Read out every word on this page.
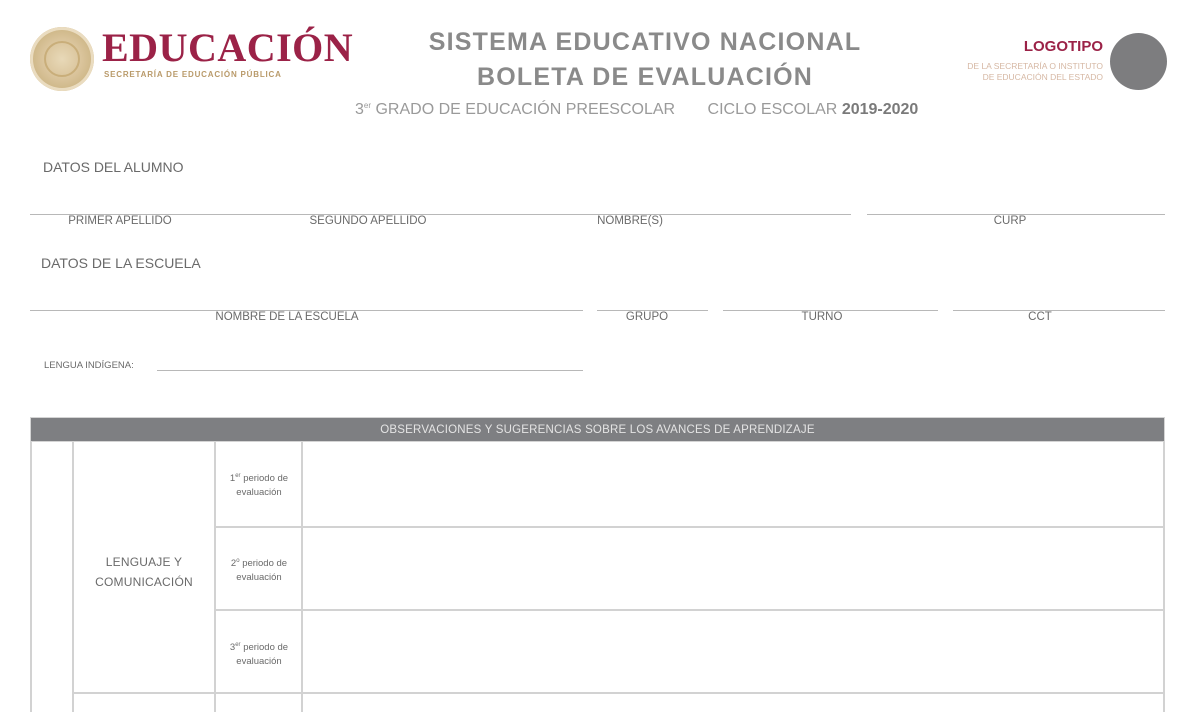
EDUCACIÓN
SECRETARÍA DE EDUCACIÓN PÚBLICA
SISTEMA EDUCATIVO NACIONAL
BOLETA DE EVALUACIÓN
3er GRADO DE EDUCACIÓN PREESCOLAR CICLO ESCOLAR 2019-2020
LOGOTIPO
DE LA SECRETARÍA O INSTITUTO
DE EDUCACIÓN DEL ESTADO
DATOS DEL ALUMNO
PRIMER APELLIDO	SEGUNDO APELLIDO	NOMBRE(S)	CURP
DATOS DE LA ESCUELA
NOMBRE DE LA ESCUELA	GRUPO	TURNO	CCT
LENGUA INDÍGENA:
OBSERVACIONES Y SUGERENCIAS SOBRE LOS AVANCES DE APRENDIZAJE
LENGUAJE Y
COMUNICACIÓN
1er periodo de
evaluación
2$^o$ periodo de
evaluación
3er periodo de
evaluación
